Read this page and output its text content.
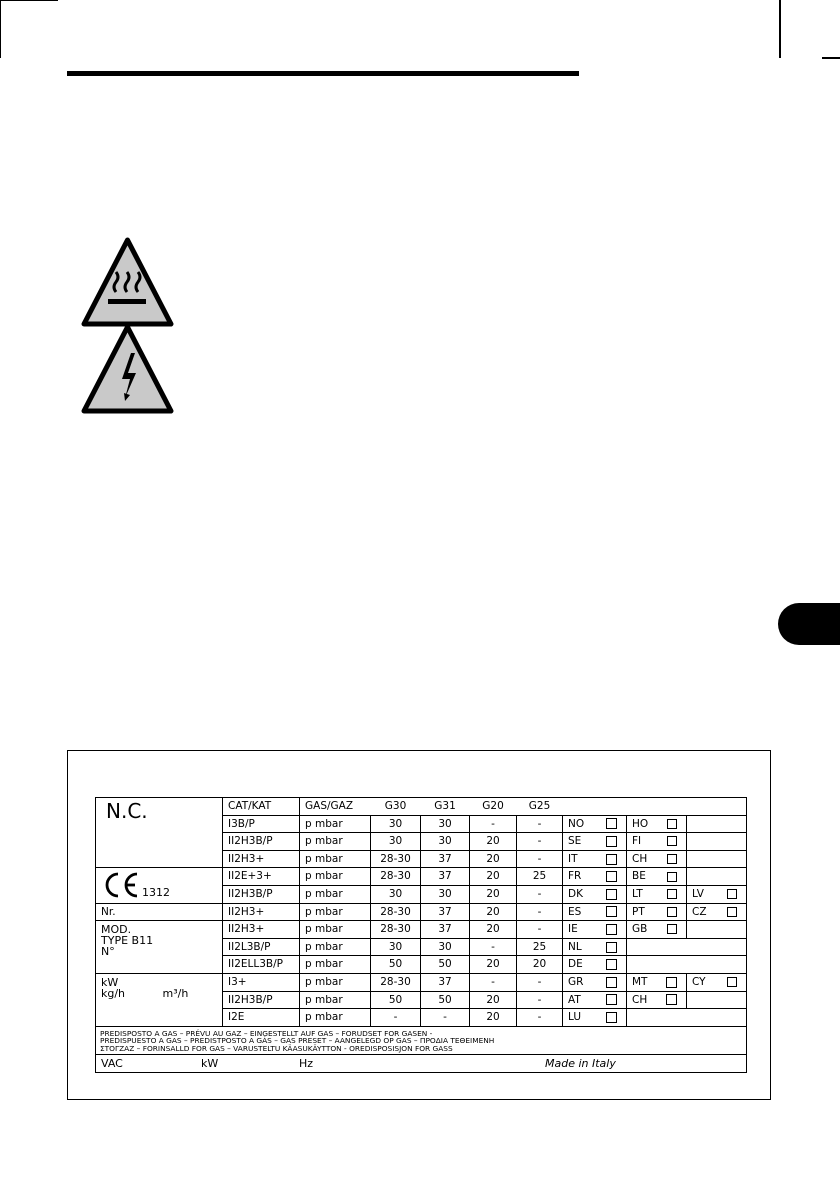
N.C.	CAT/KAT	GAS/GAZ	G30	G31	G20	G25			
	I3B/P	p mbar	30	30	-	-	NO	HO	

	II2H3B/P	p mbar	30	30	20	-	SE	FI	

	II2H3+	p mbar	28-30	37	20	-	IT	CH	

1312	II2E+3+	p mbar	28-30	37	20	25	FR	BE	

	II2H3B/P	p mbar	30	30	20	-	DK	LT	LV

Nr.	II2H3+	p mbar	28-30	37	20	-	ES	PT	CZ

MOD.
TYPE B11
N°	II2H3+	p mbar	28-30	37	20	-	IE	GB	

	II2L3B/P	p mbar	30	30	-	25	NL		

	II2ELL3B/P	p mbar	50	50	20	20	DE		

kW
kg/h m³/h	I3+	p mbar	28-30	37	-	-	GR	MT	CY

	II2H3B/P	p mbar	50	50	20	-	AT	CH	

	I2E	p mbar	-	-	20	-	LU		

PREDISPOSTO A GAS – PRÉVU AU GAZ – EINGESTELLT AUF GAS – FORUDSET FOR GASEN -
PREDISPUESTO A GAS – PREDISTPOSTO A GÁS – GAS PRESET – AANGELEGD OP GAS – ΠΡΟΔΙΑ ΤΕΘΕΙΜΕΝΗ
ΣΤΟΓΖΑΖ – FORINSALLD FOR GAS – VARUSTELTU KÄASUKÄYTTON - OREDISPOSISJON FOR GASS									

VAC kW Hz Made in Italy									
